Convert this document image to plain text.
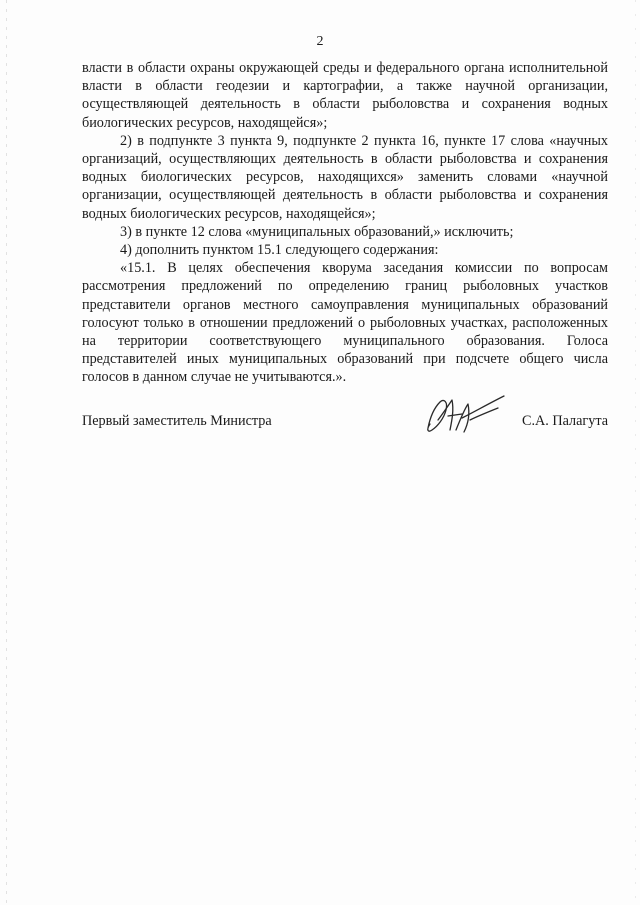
2

власти в области охраны окружающей среды и федерального органа исполнительной власти в области геодезии и картографии, а также научной организации, осуществляющей деятельность в области рыболовства и сохранения водных биологических ресурсов, находящейся»;

2) в подпункте 3 пункта 9, подпункте 2 пункта 16, пункте 17 слова «научных организаций, осуществляющих деятельность в области рыболовства и сохранения водных биологических ресурсов, находящихся» заменить словами «научной организации, осуществляющей деятельность в области рыболовства и сохранения водных биологических ресурсов, находящейся»;

3) в пункте 12 слова «муниципальных образований,» исключить;

4) дополнить пунктом 15.1 следующего содержания:

«15.1. В целях обеспечения кворума заседания комиссии по вопросам рассмотрения предложений по определению границ рыболовных участков представители органов местного самоуправления муниципальных образований голосуют только в отношении предложений о рыболовных участках, расположенных на территории соответствующего муниципального образования. Голоса представителей иных муниципальных образований при подсчете общего числа голосов в данном случае не учитываются.».

Первый заместитель Министра	С.А. Палагута
